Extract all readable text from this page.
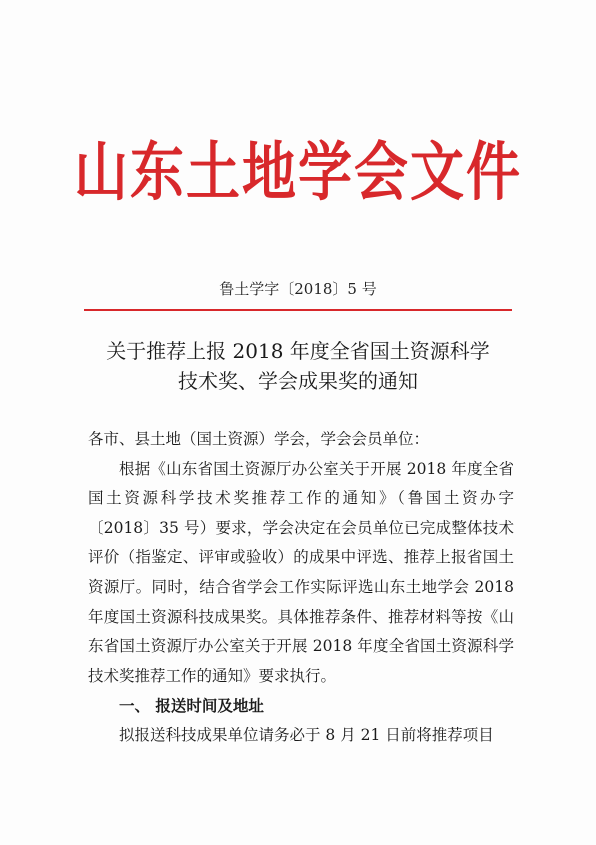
山东土地学会文件
鲁土学字〔2018〕5 号
关于推荐上报 2018 年度全省国土资源科学
技术奖、学会成果奖的通知

各市、县土地（国土资源）学会，学会会员单位：

根据《山东省国土资源厅办公室关于开展 2018 年度全省国土资源科学技术奖推荐工作的通知》（鲁国土资办字〔2018〕35 号）要求，学会决定在会员单位已完成整体技术评价（指鉴定、评审或验收）的成果中评选、推荐上报省国土资源厅。同时，结合省学会工作实际评选山东土地学会 2018 年度国土资源科技成果奖。具体推荐条件、推荐材料等按《山东省国土资源厅办公室关于开展 2018 年度全省国土资源科学技术奖推荐工作的通知》要求执行。

一、 报送时间及地址

拟报送科技成果单位请务必于 8 月 21 日前将推荐项目
